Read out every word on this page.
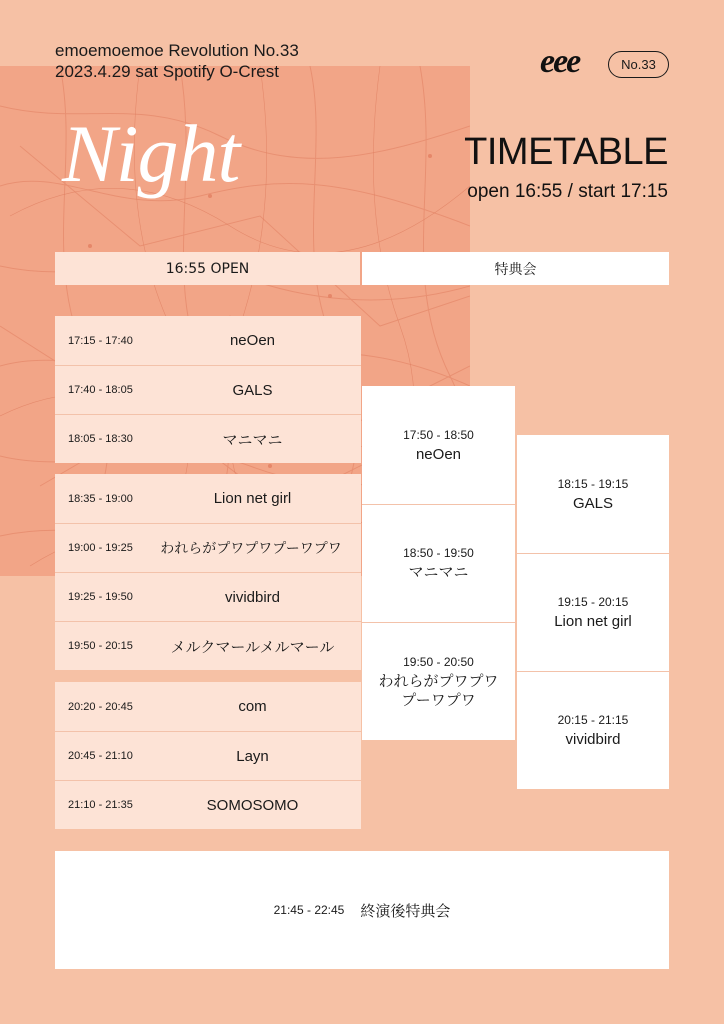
emoemoemoe Revolution No.33
2023.4.29 sat Spotify O-Crest	eee	No.33
Night	TIMETABLE
open 16:55 / start 17:15
16:55 OPEN	特典会
17:15 - 17:40	neOen
17:40 - 18:05	GALS
18:05 - 18:30	マニマニ
18:35 - 19:00	Lion net girl
19:00 - 19:25	われらがプワプワプーワプワ
19:25 - 19:50	vividbird
19:50 - 20:15	メルクマールメルマール
20:20 - 20:45	com
20:45 - 21:10	Layn
21:10 - 21:35	SOMOSOMO
17:50 - 18:50
neOen
18:50 - 19:50
マニマニ
19:50 - 20:50
われらがプワプワ
プーワプワ
18:15 - 19:15
GALS
19:15 - 20:15
Lion net girl
20:15 - 21:15
vividbird
21:45 - 22:45 終演後特典会
